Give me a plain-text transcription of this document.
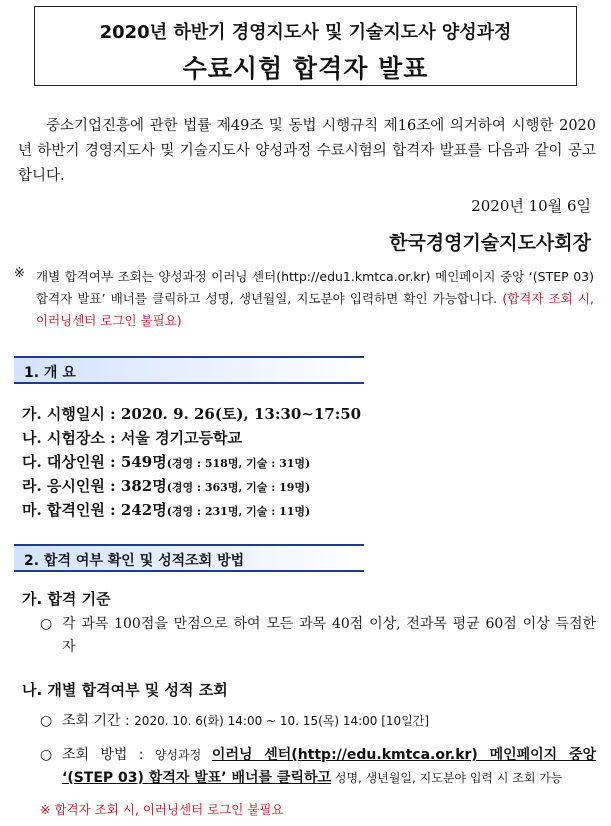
2020년 하반기 경영지도사 및 기술지도사 양성과정
수료시험 합격자 발표
중소기업진흥에 관한 법률 제49조 및 동법 시행규칙 제16조에 의거하여 시행한 2020년 하반기 경영지도사 및 기술지도사 양성과정 수료시험의 합격자 발표를 다음과 같이 공고합니다.
2020년 10월 6일
한국경영기술지도사회장
※ 개별 합격여부 조회는 양성과정 이러닝 센터(http://edu1.kmtca.or.kr) 메인페이지 중앙 ‘(STEP 03) 합격자 발표’ 배너를 클릭하고 성명, 생년월일, 지도분야 입력하면 확인 가능합니다. (합격자 조회 시, 이러닝센터 로그인 불필요)
1. 개 요
가. 시행일시 : 2020. 9. 26(토), 13:30∼17:50
나. 시험장소 : 서울 경기고등학교
다. 대상인원 : 549명(경영 : 518명, 기술 : 31명)
라. 응시인원 : 382명(경영 : 363명, 기술 : 19명)
마. 합격인원 : 242명(경영 : 231명, 기술 : 11명)
2. 합격 여부 확인 및 성적조회 방법
가. 합격 기준
○ 각 과목 100점을 만점으로 하여 모든 과목 40점 이상, 전과목 평균 60점 이상 득점한 자
나. 개별 합격여부 및 성적 조회
○ 조회 기간 : 2020. 10. 6(화) 14:00 ~ 10. 15(목) 14:00 [10일간]
○ 조회 방법 : 양성과정 이러닝 센터(http://edu.kmtca.or.kr) 메인페이지 중앙 ‘(STEP 03) 합격자 발표’ 배너를 클릭하고 성명, 생년월일, 지도분야 입력 시 조회 가능
※ 합격자 조회 시, 이러닝센터 로그인 불필요
